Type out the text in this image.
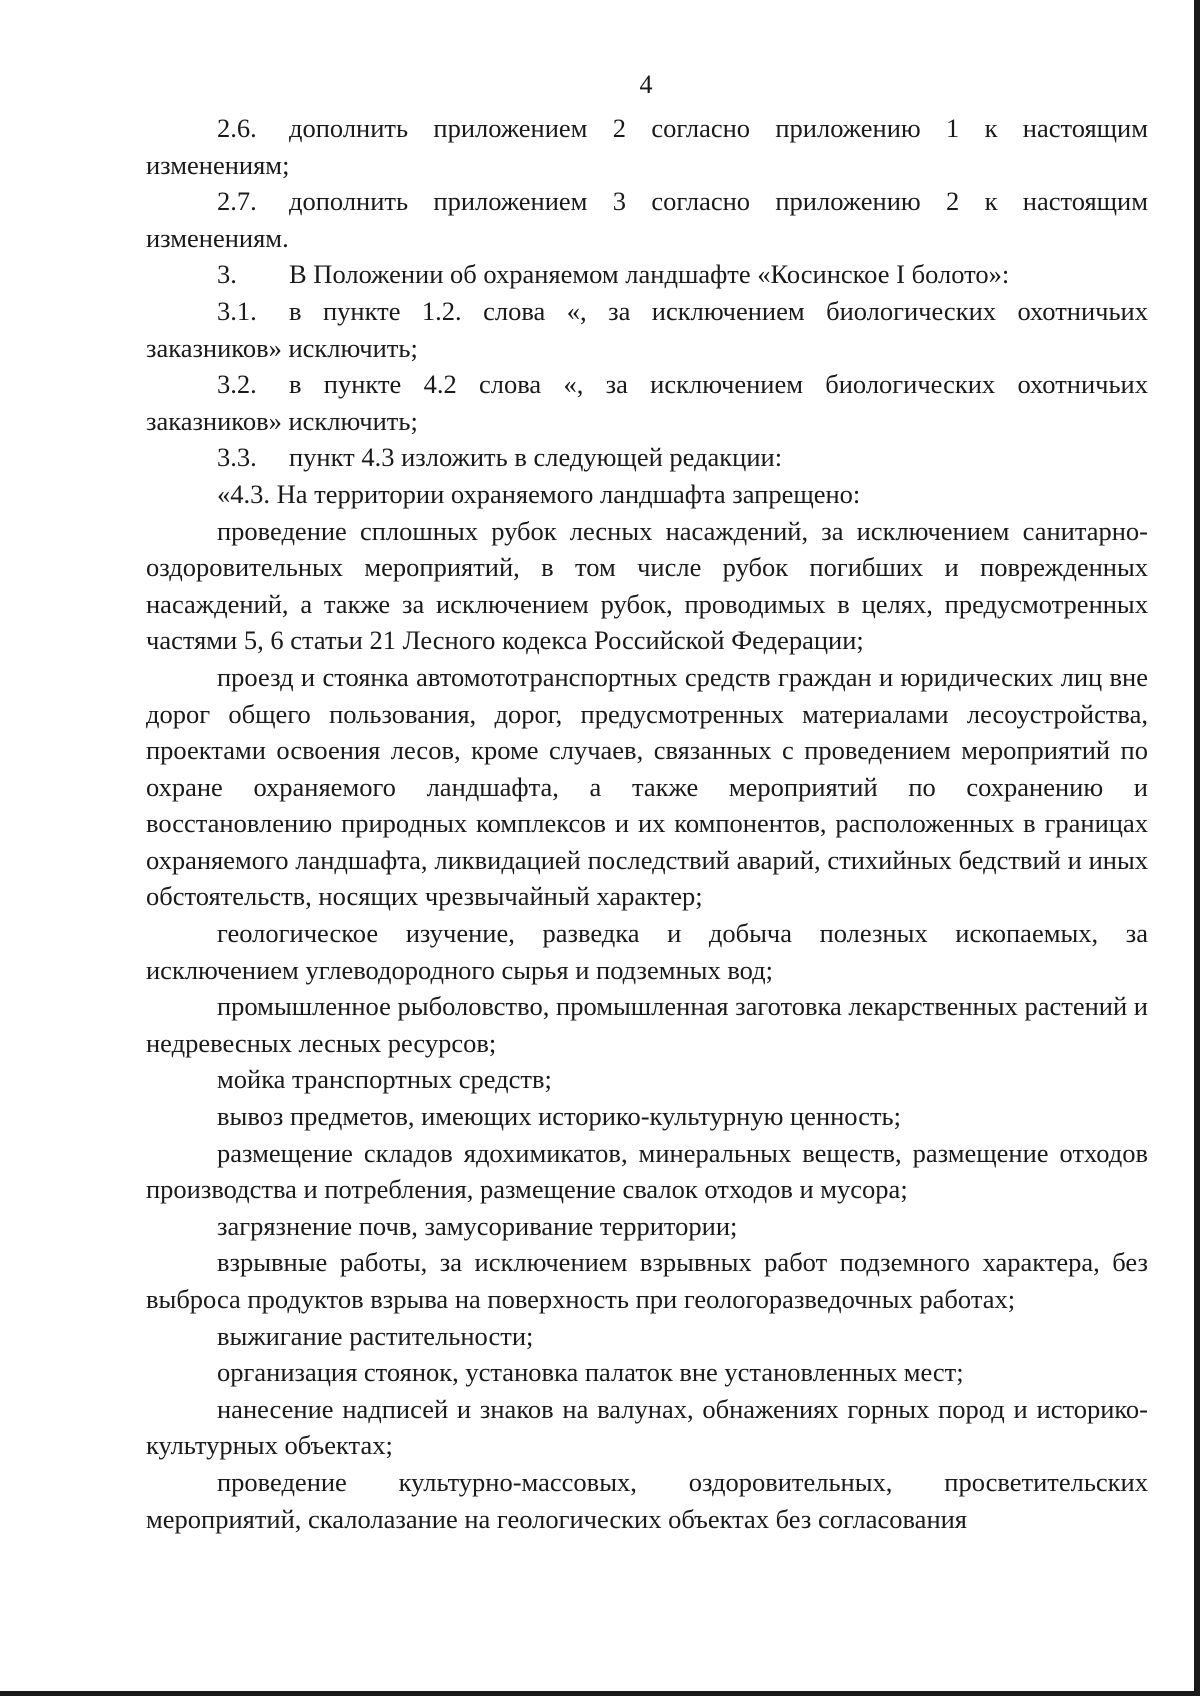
4

2.6. дополнить приложением 2 согласно приложению 1 к настоящим изменениям;

2.7. дополнить приложением 3 согласно приложению 2 к настоящим изменениям.

3. В Положении об охраняемом ландшафте «Косинское I болото»:

3.1. в пункте 1.2. слова «, за исключением биологических охотничьих заказников» исключить;

3.2. в пункте 4.2 слова «, за исключением биологических охотничьих заказников» исключить;

3.3. пункт 4.3 изложить в следующей редакции:

«4.3. На территории охраняемого ландшафта запрещено:

проведение сплошных рубок лесных насаждений, за исключением санитарно-оздоровительных мероприятий, в том числе рубок погибших и поврежденных насаждений, а также за исключением рубок, проводимых в целях, предусмотренных частями 5, 6 статьи 21 Лесного кодекса Российской Федерации;

проезд и стоянка автомототранспортных средств граждан и юридических лиц вне дорог общего пользования, дорог, предусмотренных материалами лесоустройства, проектами освоения лесов, кроме случаев, связанных с проведением мероприятий по охране охраняемого ландшафта, а также мероприятий по сохранению и восстановлению природных комплексов и их компонентов, расположенных в границах охраняемого ландшафта, ликвидацией последствий аварий, стихийных бедствий и иных обстоятельств, носящих чрезвычайный характер;

геологическое изучение, разведка и добыча полезных ископаемых, за исключением углеводородного сырья и подземных вод;

промышленное рыболовство, промышленная заготовка лекарственных растений и недревесных лесных ресурсов;

мойка транспортных средств;

вывоз предметов, имеющих историко-культурную ценность;

размещение складов ядохимикатов, минеральных веществ, размещение отходов производства и потребления, размещение свалок отходов и мусора;

загрязнение почв, замусоривание территории;

взрывные работы, за исключением взрывных работ подземного характера, без выброса продуктов взрыва на поверхность при геологоразведочных работах;

выжигание растительности;

организация стоянок, установка палаток вне установленных мест;

нанесение надписей и знаков на валунах, обнажениях горных пород и историко-культурных объектах;

проведение культурно-массовых, оздоровительных, просветительских мероприятий, скалолазание на геологических объектах без согласования
